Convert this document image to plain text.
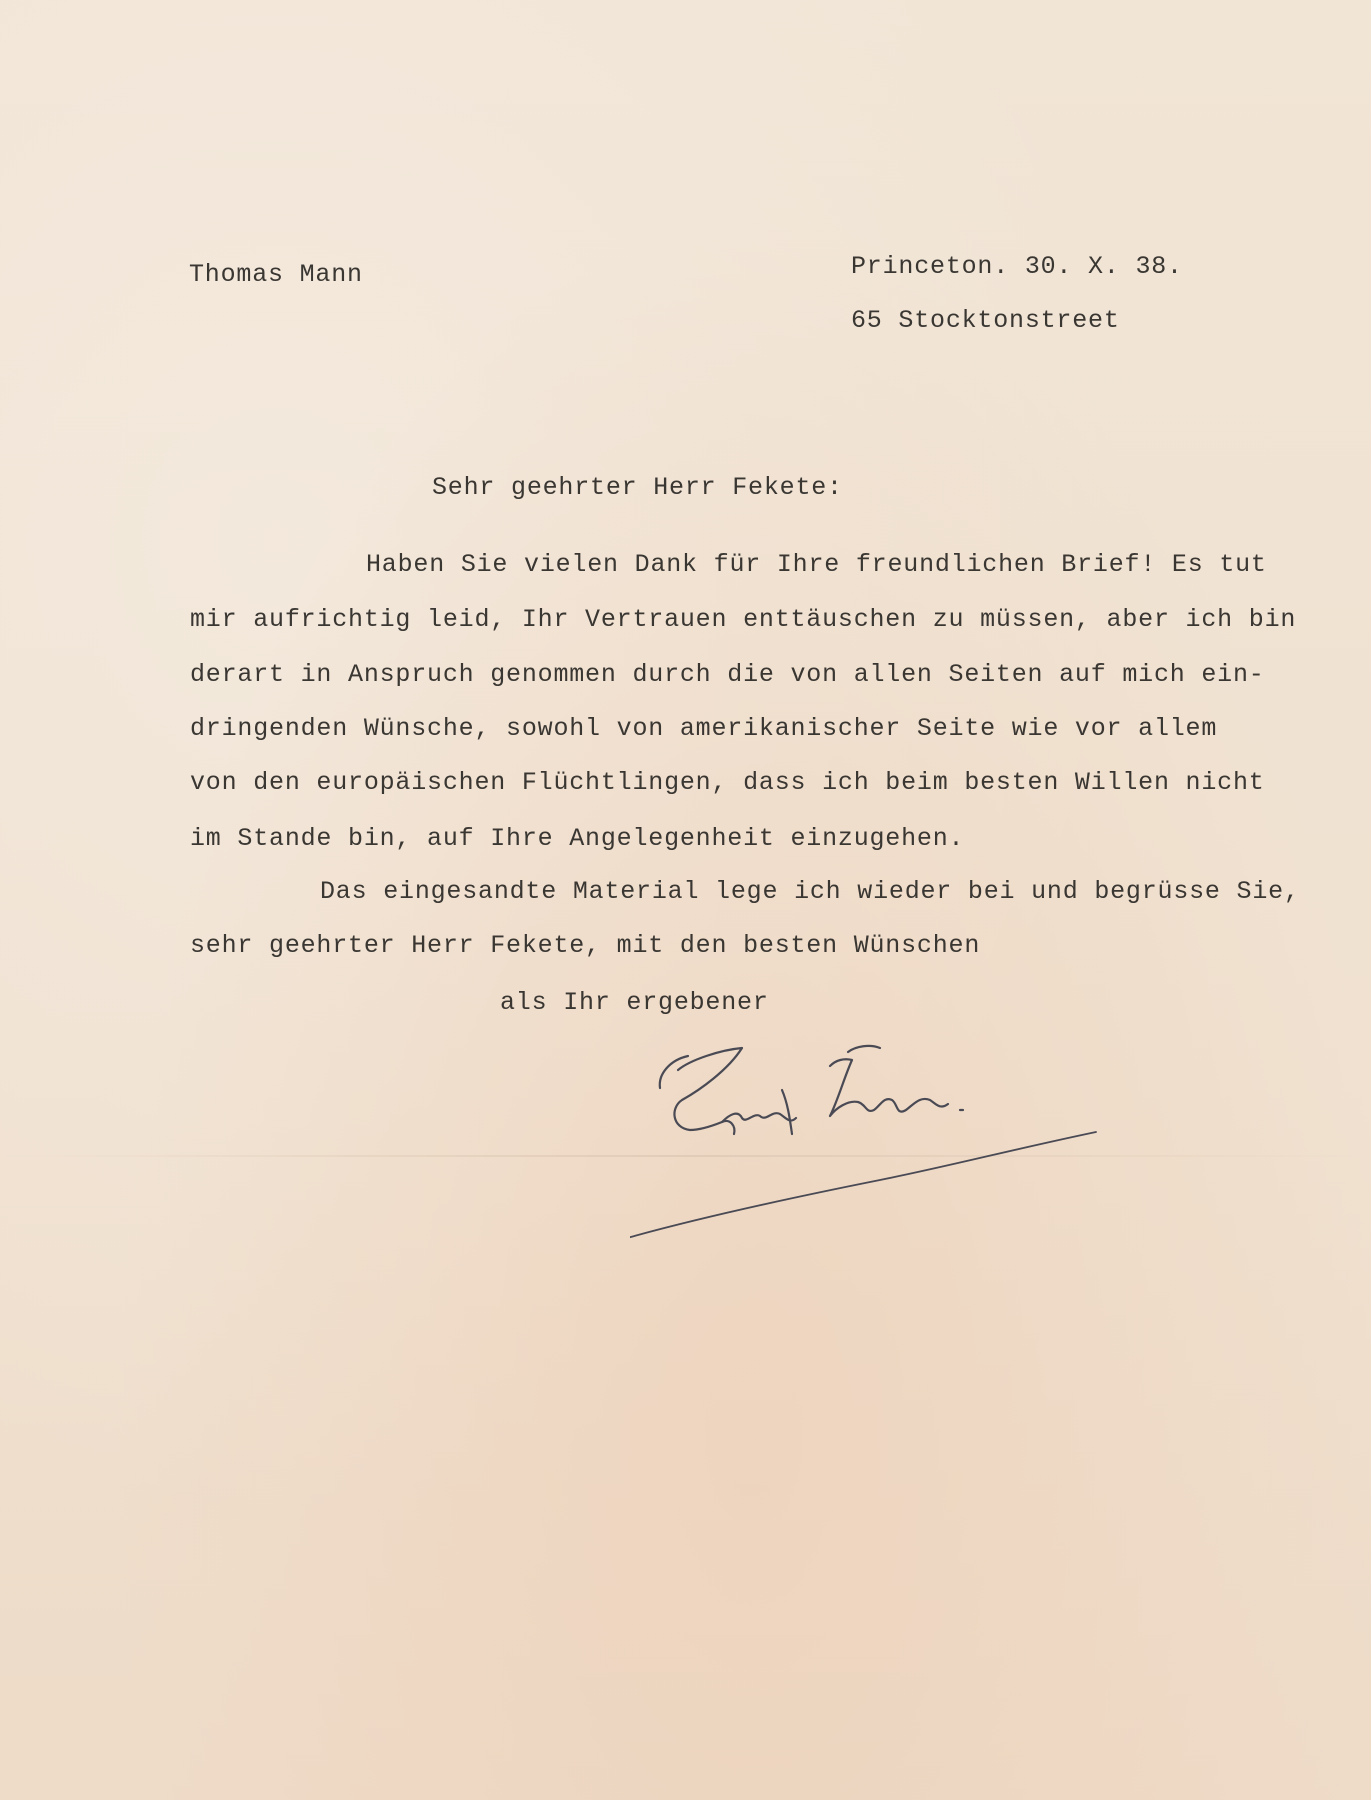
Thomas Mann	Princeton. 30. X. 38.

65 Stocktonstreet

Sehr geehrter Herr Fekete:

Haben Sie vielen Dank für Ihre freundlichen Brief! Es tut

mir aufrichtig leid, Ihr Vertrauen enttäuschen zu müssen, aber ich bin

derart in Anspruch genommen durch die von allen Seiten auf mich ein-

dringenden Wünsche, sowohl von amerikanischer Seite wie vor allem

von den europäischen Flüchtlingen, dass ich beim besten Willen nicht

im Stande bin, auf Ihre Angelegenheit einzugehen.

Das eingesandte Material lege ich wieder bei und begrüsse Sie,

sehr geehrter Herr Fekete, mit den besten Wünschen

als Ihr ergebener
